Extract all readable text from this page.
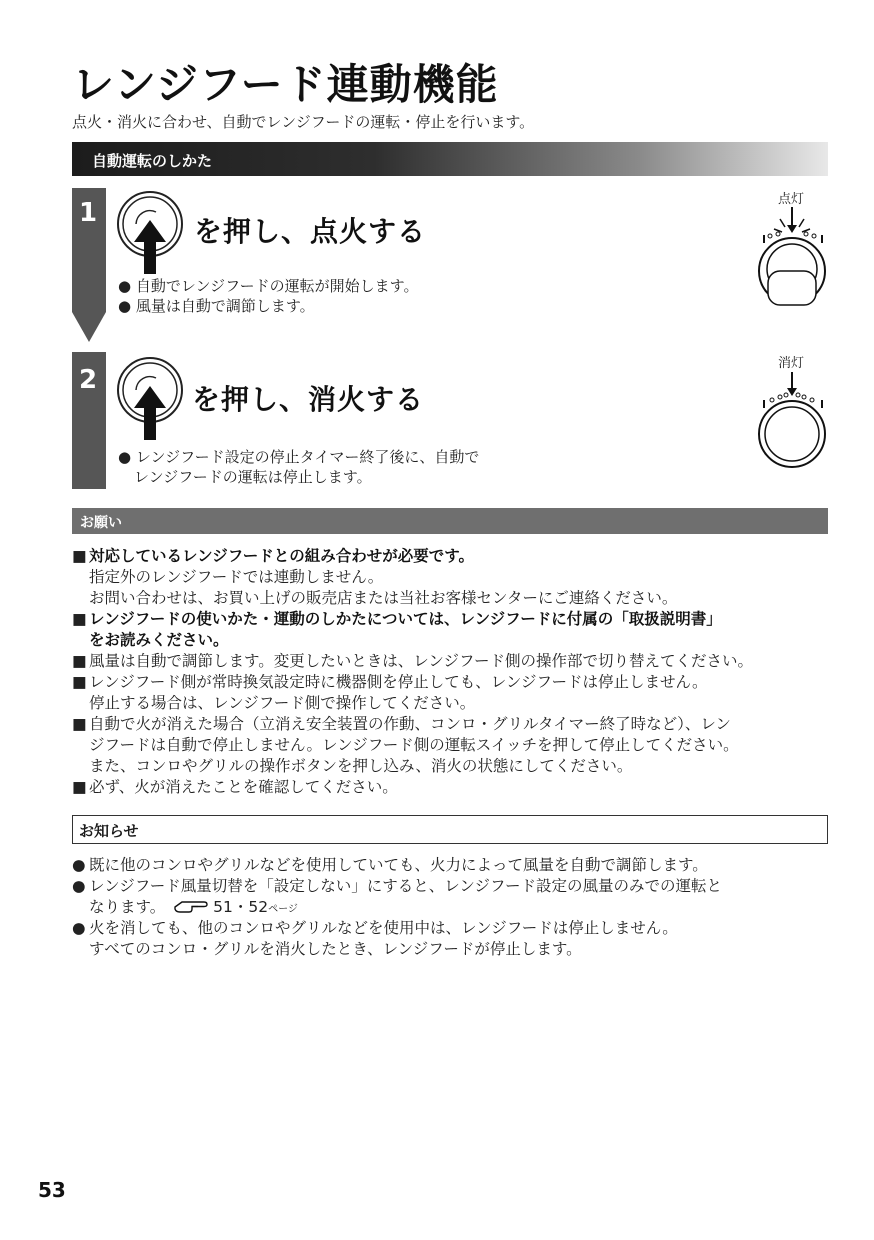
レンジフード連動機能
点火・消火に合わせ、自動でレンジフードの運転・停止を行います。
自動運転のしかた
1
2
を押し、点火する
● 自動でレンジフードの運転が開始します。
● 風量は自動で調節します。
点灯
を押し、消火する
● レンジフード設定の停止タイマー終了後に、自動で
レンジフードの運転は停止します。
消灯
お願い
■ 対応しているレンジフードとの組み合わせが必要です。
指定外のレンジフードでは連動しません。
お問い合わせは、お買い上げの販売店または当社お客様センターにご連絡ください。
■ レンジフードの使いかた・運動のしかたについては、レンジフードに付属の「取扱説明書」
をお読みください。
■ 風量は自動で調節します。変更したいときは、レンジフード側の操作部で切り替えてください。
■ レンジフード側が常時換気設定時に機器側を停止しても、レンジフードは停止しません。
停止する場合は、レンジフード側で操作してください。
■ 自動で火が消えた場合（立消え安全装置の作動、コンロ・グリルタイマー終了時など）、レン
ジフードは自動で停止しません。レンジフード側の運転スイッチを押して停止してください。
また、コンロやグリルの操作ボタンを押し込み、消火の状態にしてください。
■ 必ず、火が消えたことを確認してください。
お知らせ
● 既に他のコンロやグリルなどを使用していても、火力によって風量を自動で調節します。
● レンジフード風量切替を「設定しない」にすると、レンジフード設定の風量のみでの運転と
なります。	51・52ページ
● 火を消しても、他のコンロやグリルなどを使用中は、レンジフードは停止しません。
すべてのコンロ・グリルを消火したとき、レンジフードが停止します。
53
